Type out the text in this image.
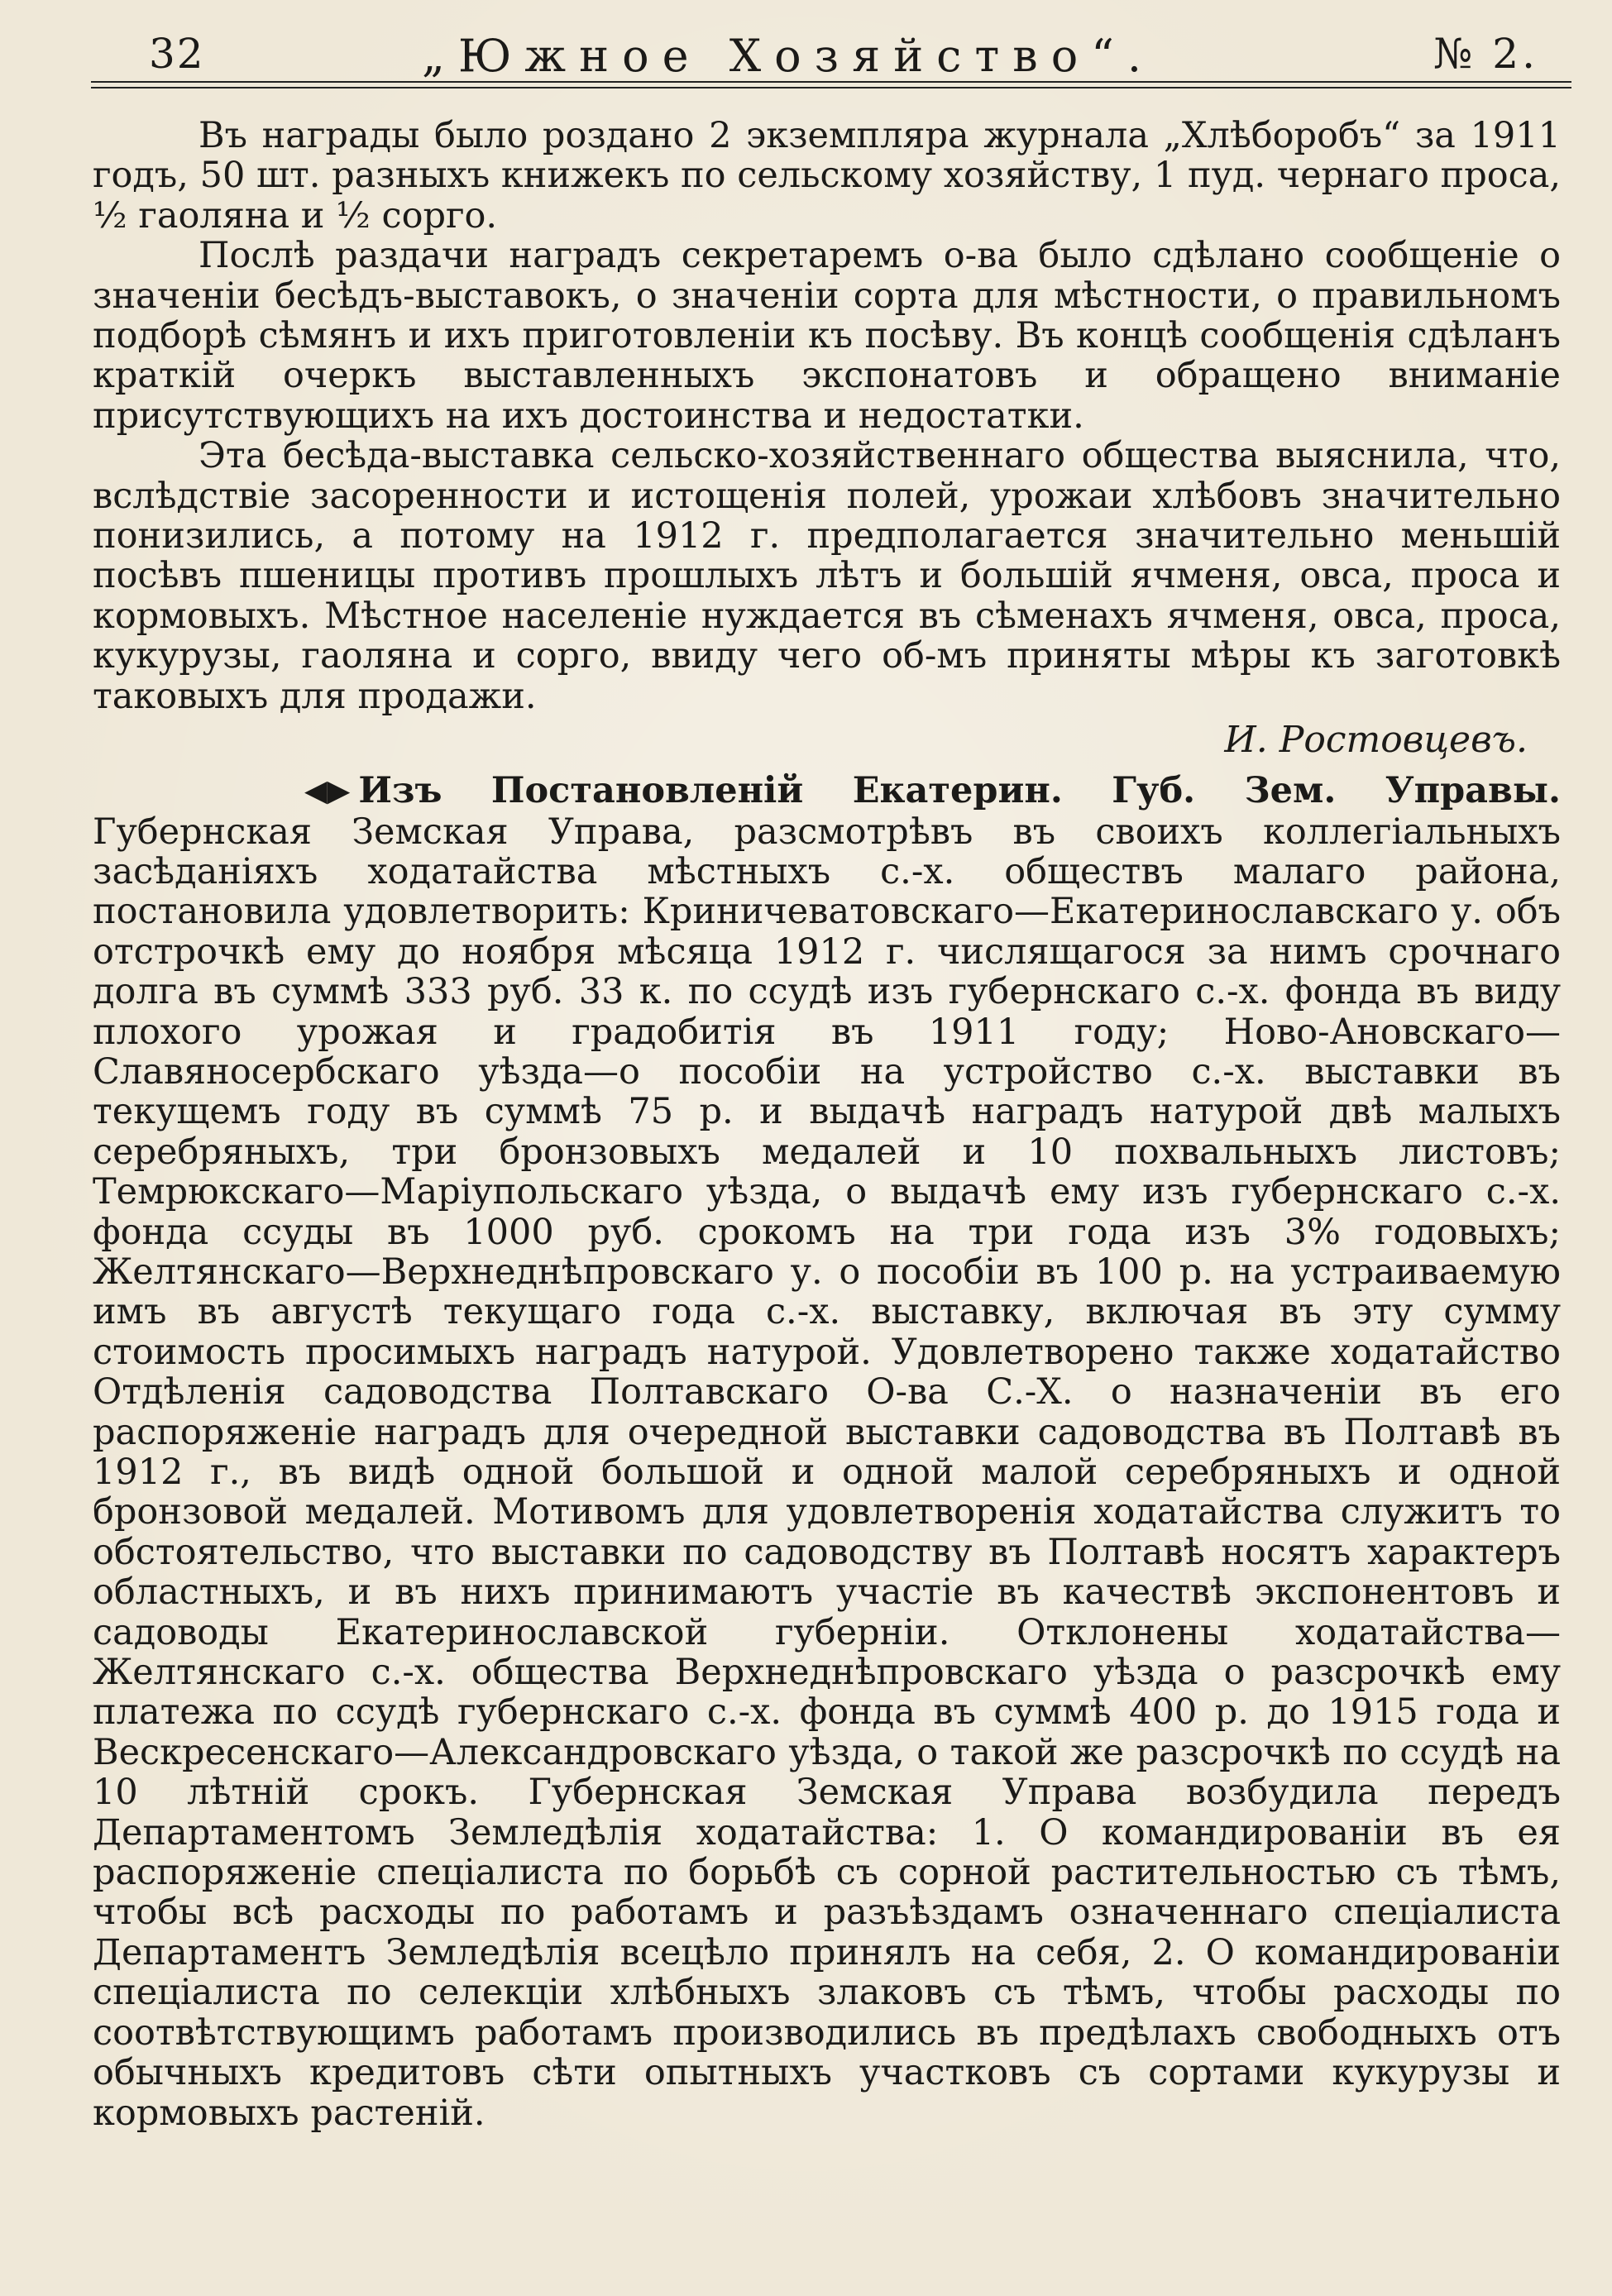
32	„Южное Хозяйство“.	№ 2.

Въ награды было роздано 2 экземпляра журнала „Хлѣборобъ“ за 1911 годъ, 50 шт. разныхъ книжекъ по сельскому хозяйству, 1 пуд. чернаго проса, ½ гаоляна и ½ сорго.

Послѣ раздачи наградъ секретаремъ о-ва было сдѣлано сообщеніе о значеніи бесѣдъ-выставокъ, о значеніи сорта для мѣстности, о правильномъ подборѣ сѣмянъ и ихъ приготовленіи къ посѣву. Въ концѣ сообщенія сдѣланъ краткій очеркъ выставленныхъ экспонатовъ и обращено вниманіе присутствующихъ на ихъ достоинства и недостатки.

Эта бесѣда-выставка сельско-хозяйственнаго общества выяснила, что, вслѣдствіе засоренности и истощенія полей, урожаи хлѣбовъ значительно понизились, а потому на 1912 г. предполагается значительно меньшій посѣвъ пшеницы противъ прошлыхъ лѣтъ и большій ячменя, овса, проса и кормовыхъ. Мѣстное населеніе нуждается въ сѣменахъ ячменя, овса, проса, кукурузы, гаоляна и сорго, ввиду чего об-мъ приняты мѣры къ заготовкѣ таковыхъ для продажи.

И. Ростовцевъ.

◀▶ Изъ Постановленій Екатерин. Губ. Зем. Управы. Губернская Земская Управа, разсмотрѣвъ въ своихъ коллегіальныхъ засѣданіяхъ ходатайства мѣстныхъ с.-х. обществъ малаго района, постановила удовлетворить: Криничеватовскаго—Екатеринославскаго у. объ отстрочкѣ ему до ноября мѣсяца 1912 г. числящагося за нимъ срочнаго долга въ суммѣ 333 руб. 33 к. по ссудѣ изъ губернскаго с.-х. фонда въ виду плохого урожая и градобитія въ 1911 году; Ново-Ановскаго—Славяносербскаго уѣзда—о пособіи на устройство с.-х. выставки въ текущемъ году въ суммѣ 75 р. и выдачѣ наградъ натурой двѣ малыхъ серебряныхъ, три бронзовыхъ медалей и 10 похвальныхъ листовъ; Темрюкскаго—Маріупольскаго уѣзда, о выдачѣ ему изъ губернскаго с.-х. фонда ссуды въ 1000 руб. срокомъ на три года изъ 3% годовыхъ; Желтянскаго—Верхнеднѣпровскаго у. о пособіи въ 100 р. на устраиваемую имъ въ августѣ текущаго года с.-х. выставку, включая въ эту сумму стоимость просимыхъ наградъ натурой. Удовлетворено также ходатайство Отдѣленія садоводства Полтавскаго О-ва С.-Х. о назначеніи въ его распоряженіе наградъ для очередной выставки садоводства въ Полтавѣ въ 1912 г., въ видѣ одной большой и одной малой серебряныхъ и одной бронзовой медалей. Мотивомъ для удовлетворенія ходатайства служитъ то обстоятельство, что выставки по садоводству въ Полтавѣ носятъ характеръ областныхъ, и въ нихъ принимаютъ участіе въ качествѣ экспонентовъ и садоводы Екатеринославской губерніи. Отклонены ходатайства—Желтянскаго с.-х. общества Верхнеднѣпровскаго уѣзда о разсрочкѣ ему платежа по ссудѣ губернскаго с.-х. фонда въ суммѣ 400 р. до 1915 года и Вескресенскаго—Александровскаго уѣзда, о такой же разсрочкѣ по ссудѣ на 10 лѣтній срокъ. Губернская Земская Управа возбудила передъ Департаментомъ Земледѣлія ходатайства: 1. О командированіи въ ея распоряженіе спеціалиста по борьбѣ съ сорной растительностью съ тѣмъ, чтобы всѣ расходы по работамъ и разъѣздамъ означеннаго спеціалиста Департаментъ Земледѣлія всецѣло принялъ на себя, 2. О командированіи спеціалиста по селекціи хлѣбныхъ злаковъ съ тѣмъ, чтобы расходы по соотвѣтствующимъ работамъ производились въ предѣлахъ свободныхъ отъ обычныхъ кредитовъ сѣти опытныхъ участковъ съ сортами кукурузы и кормовыхъ растеній.
